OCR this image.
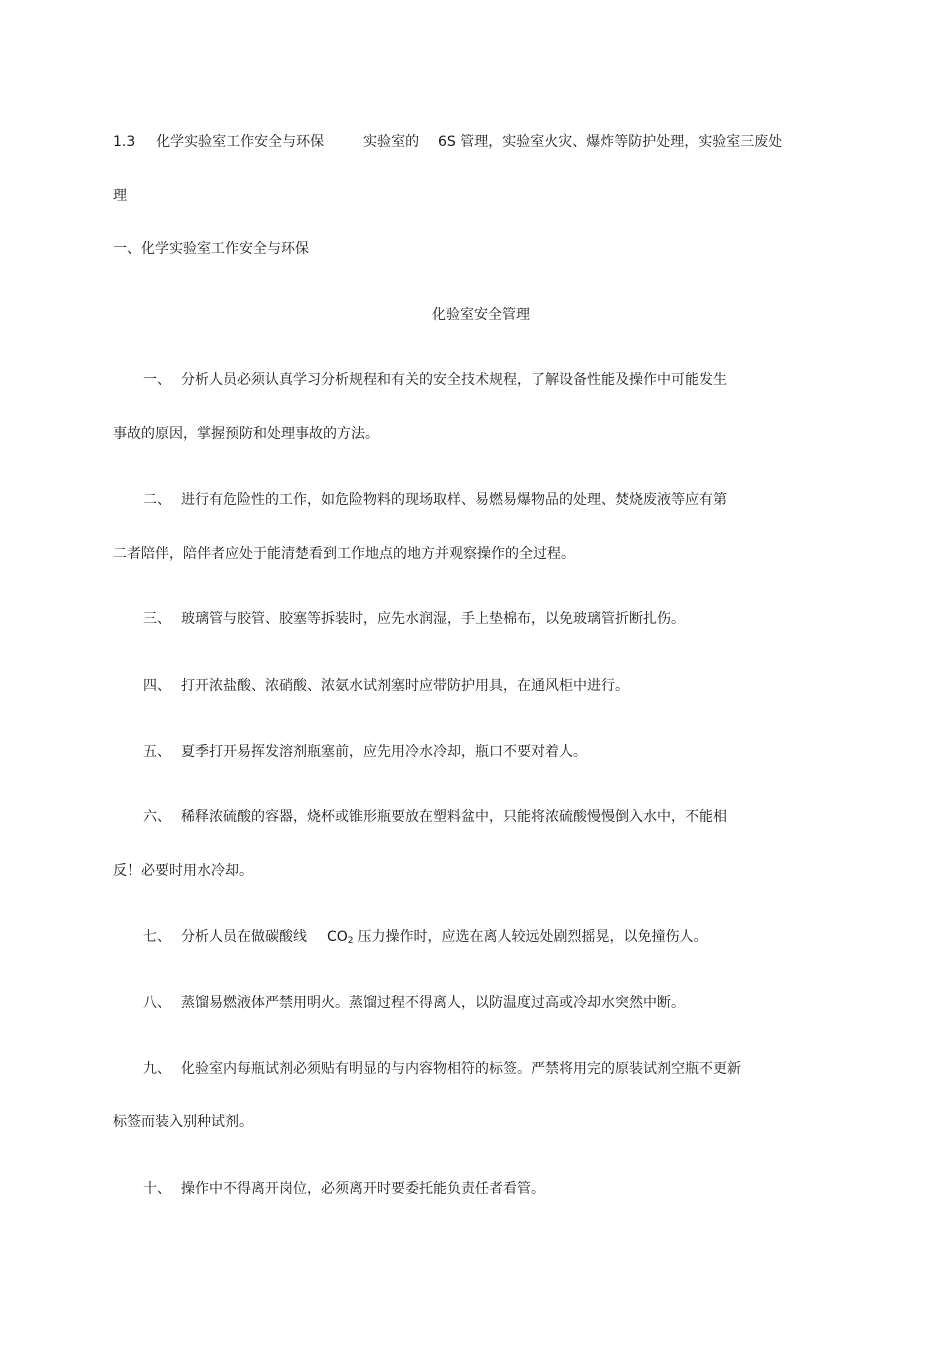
1.3 化学实验室工作安全与环保	实验室的 6S 管理，实验室火灾、爆炸等防护处理，实验室三废处
理
一、化学实验室工作安全与环保
化验室安全管理
一、 分析人员必须认真学习分析规程和有关的安全技术规程，了解设备性能及操作中可能发生
事故的原因，掌握预防和处理事故的方法。
二、 进行有危险性的工作，如危险物料的现场取样、易燃易爆物品的处理、焚烧废液等应有第
二者陪伴，陪伴者应处于能清楚看到工作地点的地方并观察操作的全过程。
三、 玻璃管与胶管、胶塞等拆装时，应先水润湿，手上垫棉布，以免玻璃管折断扎伤。
四、 打开浓盐酸、浓硝酸、浓氨水试剂塞时应带防护用具，在通风柜中进行。
五、 夏季打开易挥发溶剂瓶塞前，应先用冷水冷却，瓶口不要对着人。
六、 稀释浓硫酸的容器，烧杯或锥形瓶要放在塑料盆中，只能将浓硫酸慢慢倒入水中，不能相
反！必要时用水冷却。
七、 分析人员在做碳酸线 $CO_2$ 压力操作时，应选在离人较远处剧烈摇晃，以免撞伤人。
八、 蒸馏易燃液体严禁用明火。蒸馏过程不得离人，以防温度过高或冷却水突然中断。
九、 化验室内每瓶试剂必须贴有明显的与内容物相符的标签。严禁将用完的原装试剂空瓶不更新
标签而装入别种试剂。
十、 操作中不得离开岗位，必须离开时要委托能负责任者看管。
